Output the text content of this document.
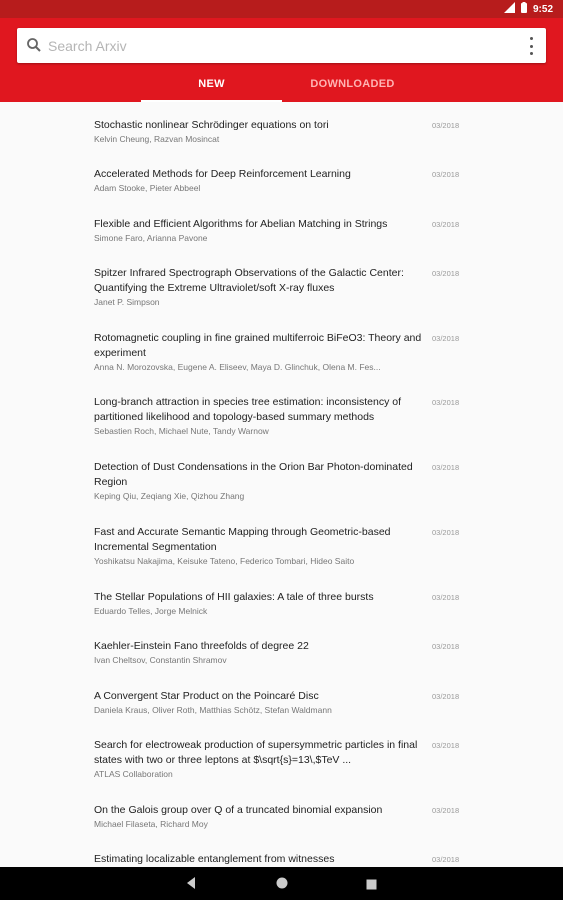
9:52
Search Arxiv
NEW	DOWNLOADED
Stochastic nonlinear Schrödinger equations on tori
Kelvin Cheung, Razvan Mosincat
03/2018
Accelerated Methods for Deep Reinforcement Learning
Adam Stooke, Pieter Abbeel
03/2018
Flexible and Efficient Algorithms for Abelian Matching in Strings
Simone Faro, Arianna Pavone
03/2018
Spitzer Infrared Spectrograph Observations of the Galactic Center: Quantifying the Extreme Ultraviolet/soft X-ray fluxes
Janet P. Simpson
03/2018
Rotomagnetic coupling in fine grained multiferroic BiFeO3: Theory and experiment
Anna N. Morozovska, Eugene A. Eliseev, Maya D. Glinchuk, Olena M. Fes...
03/2018
Long-branch attraction in species tree estimation: inconsistency of partitioned likelihood and topology-based summary methods
Sebastien Roch, Michael Nute, Tandy Warnow
03/2018
Detection of Dust Condensations in the Orion Bar Photon-dominated Region
Keping Qiu, Zeqiang Xie, Qizhou Zhang
03/2018
Fast and Accurate Semantic Mapping through Geometric-based Incremental Segmentation
Yoshikatsu Nakajima, Keisuke Tateno, Federico Tombari, Hideo Saito
03/2018
The Stellar Populations of HII galaxies: A tale of three bursts
Eduardo Telles, Jorge Melnick
03/2018
Kaehler-Einstein Fano threefolds of degree 22
Ivan Cheltsov, Constantin Shramov
03/2018
A Convergent Star Product on the Poincaré Disc
Daniela Kraus, Oliver Roth, Matthias Schötz, Stefan Waldmann
03/2018
Search for electroweak production of supersymmetric particles in final states with two or three leptons at $\sqrt{s}=13\,$TeV ...
ATLAS Collaboration
03/2018
On the Galois group over Q of a truncated binomial expansion
Michael Filaseta, Richard Moy
03/2018
Estimating localizable entanglement from witnesses	03/2018
